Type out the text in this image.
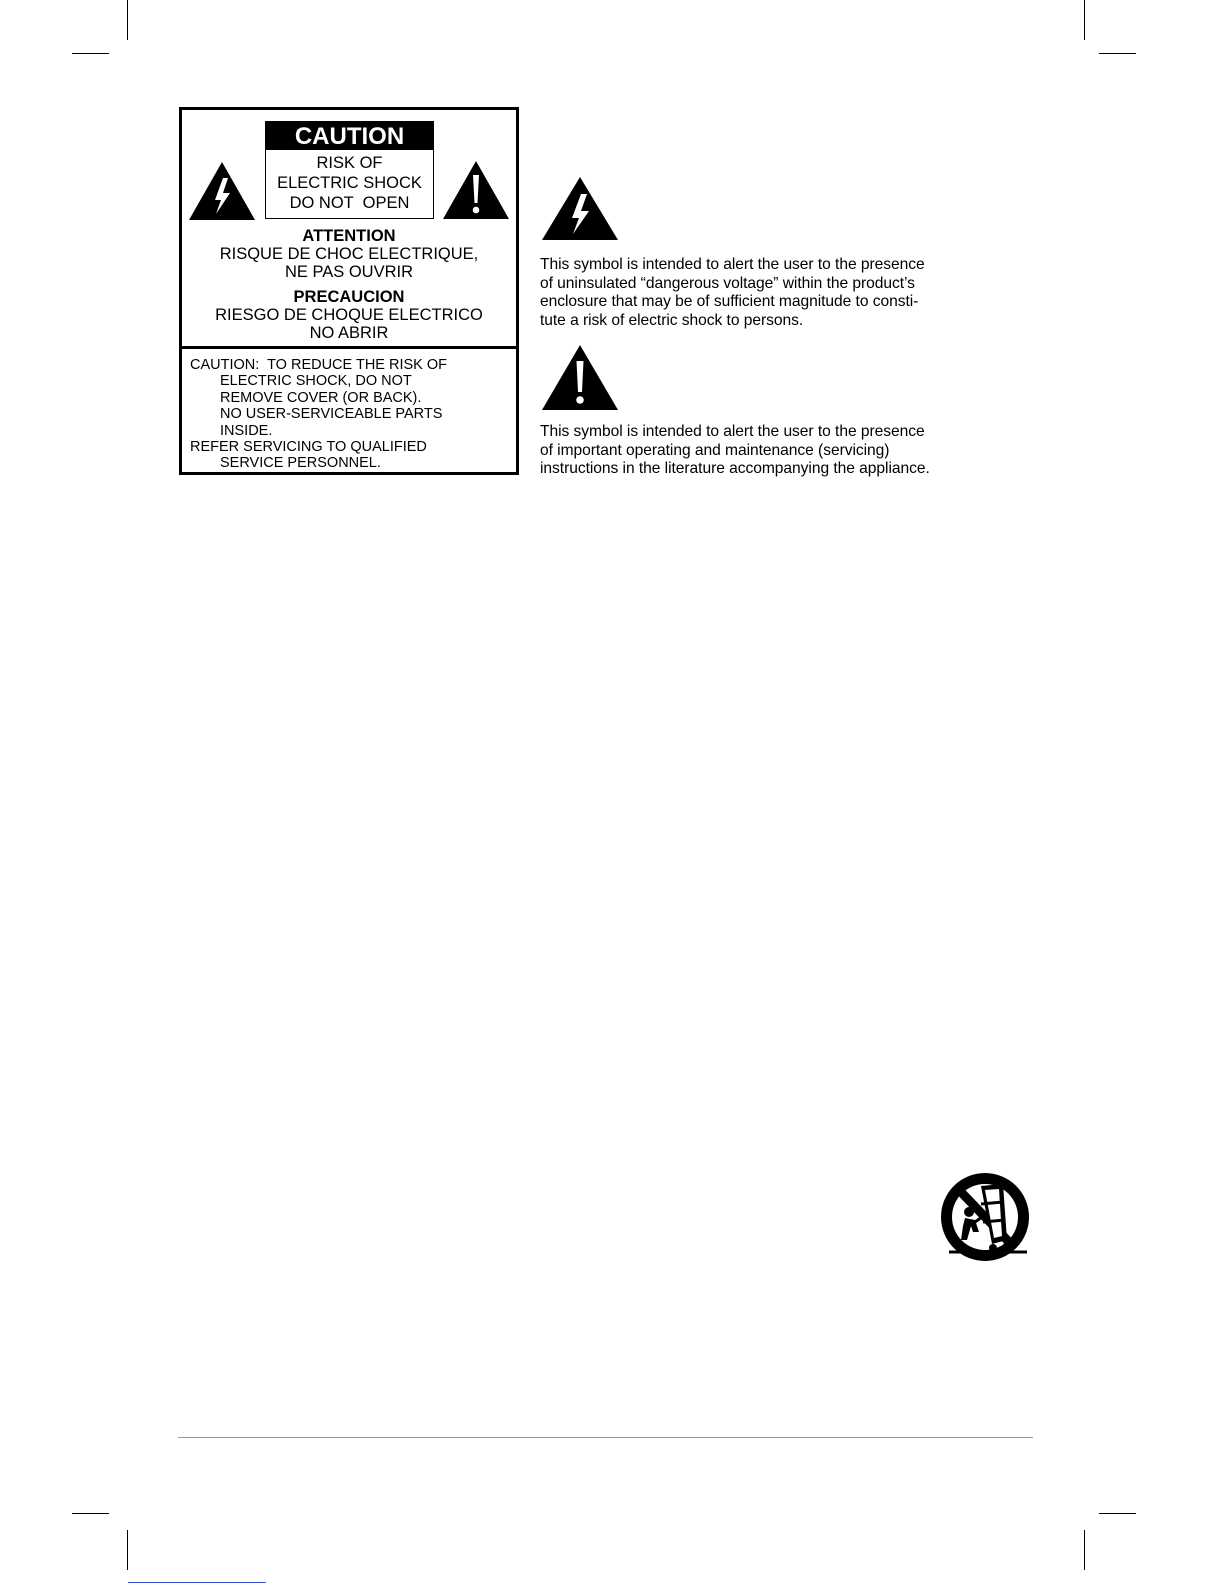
CAUTION
RISK OF
ELECTRIC SHOCK
DO NOT  OPEN
ATTENTION
RISQUE DE CHOC ELECTRIQUE,
NE PAS OUVRIR
PRECAUCION
RIESGO DE CHOQUE ELECTRICO
NO ABRIR
CAUTION:  TO REDUCE THE RISK OF
ELECTRIC SHOCK, DO NOT
REMOVE COVER (OR BACK).
NO USER-SERVICEABLE PARTS
INSIDE.
REFER SERVICING TO QUALIFIED
SERVICE PERSONNEL.
This symbol is intended to alert the user to the presence
of uninsulated “dangerous voltage” within the product’s
enclosure that may be of sufficient magnitude to consti-
tute a risk of electric shock to persons.
This symbol is intended to alert the user to the presence
of important operating and maintenance (servicing)
instructions in the literature accompanying the appliance.
